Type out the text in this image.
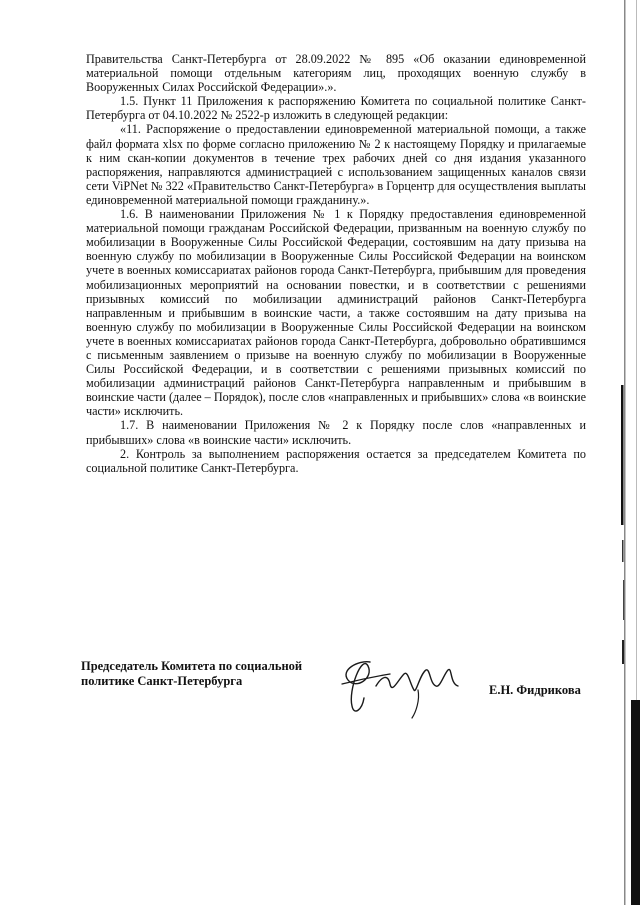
Правительства Санкт-Петербурга от 28.09.2022 № 895 «Об оказании единовременной материальной помощи отдельным категориям лиц, проходящих военную службу в Вооруженных Силах Российской Федерации».».

1.5. Пункт 11 Приложения к распоряжению Комитета по социальной политике Санкт-Петербурга от 04.10.2022 № 2522-р изложить в следующей редакции:

«11. Распоряжение о предоставлении единовременной материальной помощи, а также файл формата xlsx по форме согласно приложению № 2 к настоящему Порядку и прилагаемые к ним скан-копии документов в течение трех рабочих дней со дня издания указанного распоряжения, направляются администрацией с использованием защищенных каналов связи сети ViPNet № 322 «Правительство Санкт-Петербурга» в Горцентр для осуществления выплаты единовременной материальной помощи гражданину.».

1.6. В наименовании Приложения № 1 к Порядку предоставления единовременной материальной помощи гражданам Российской Федерации, призванным на военную службу по мобилизации в Вооруженные Силы Российской Федерации, состоявшим на дату призыва на военную службу по мобилизации в Вооруженные Силы Российской Федерации на воинском учете в военных комиссариатах районов города Санкт-Петербурга, прибывшим для проведения мобилизационных мероприятий на основании повестки, и в соответствии с решениями призывных комиссий по мобилизации администраций районов Санкт-Петербурга направленным и прибывшим в воинские части, а также состоявшим на дату призыва на военную службу по мобилизации в Вооруженные Силы Российской Федерации на воинском учете в военных комиссариатах районов города Санкт-Петербурга, добровольно обратившимся с письменным заявлением о призыве на военную службу по мобилизации в Вооруженные Силы Российской Федерации, и в соответствии с решениями призывных комиссий по мобилизации администраций районов Санкт-Петербурга направленным и прибывшим в воинские части (далее – Порядок), после слов «направленных и прибывших» слова «в воинские части» исключить.

1.7. В наименовании Приложения № 2 к Порядку после слов «направленных и прибывших» слова «в воинские части» исключить.

2. Контроль за выполнением распоряжения остается за председателем Комитета по социальной политике Санкт-Петербурга.

Председатель Комитета по социальной
политике Санкт-Петербурга
Е.Н. Фидрикова
